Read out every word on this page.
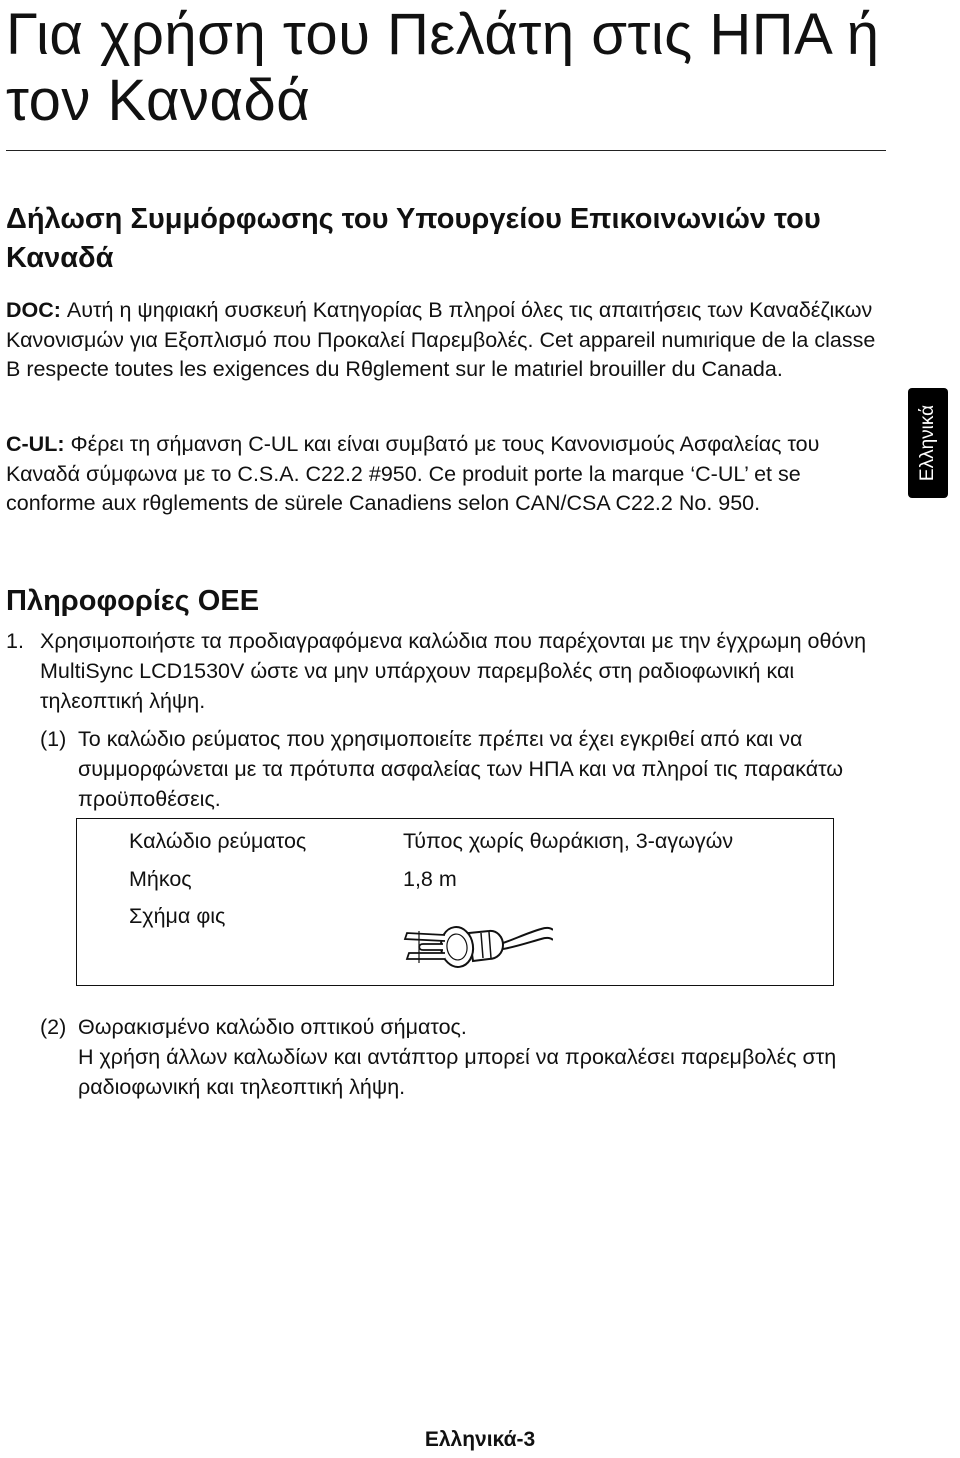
Για χρήση του Πελάτη στις ΗΠΑ ή τον Καναδά
Δήλωση Συμμόρφωσης του Υπουργείου Επικοινωνιών του Καναδά

DOC: Αυτή η ψηφιακή συσκευή Κατηγορίας B πληροί όλες τις απαιτήσεις των Καναδέζικων Κανονισμών για Εξοπλισμό που Προκαλεί Παρεμβολές. Cet appareil numιrique de la classe B respecte toutes les exigences du Rθglement sur le matιriel brouiller du Canada.

C-UL: Φέρει τη σήμανση C-UL και είναι συμβατό με τους Κανονισμούς Ασφαλείας του Καναδά σύμφωνα με το C.S.A. C22.2 #950. Ce produit porte la marque ‘C-UL’ et se conforme aux rθglements de sürele Canadiens selon CAN/CSA C22.2 No. 950.

Ελληνικά
Πληροφορίες ΟΕΕ

1. Χρησιμοποιήστε τα προδιαγραφόμενα καλώδια που παρέχονται με την έγχρωμη οθόνη MultiSync LCD1530V ώστε να μην υπάρχουν παρεμβολές στη ραδιοφωνική και τηλεοπτική λήψη.

(1) Το καλώδιο ρεύματος που χρησιμοποιείτε πρέπει να έχει εγκριθεί από και να συμμορφώνεται με τα πρότυπα ασφαλείας των ΗΠΑ και να πληροί τις παρακάτω προϋποθέσεις.

Καλώδιο ρεύματος	Τύπος χωρίς θωράκιση, 3-αγωγών
Μήκος	1,8 m
Σχήμα φις

(2) Θωρακισμένο καλώδιο οπτικού σήματος.
Η χρήση άλλων καλωδίων και αντάπτορ μπορεί να προκαλέσει παρεμβολές στη ραδιοφωνική και τηλεοπτική λήψη.

Ελληνικά-3
